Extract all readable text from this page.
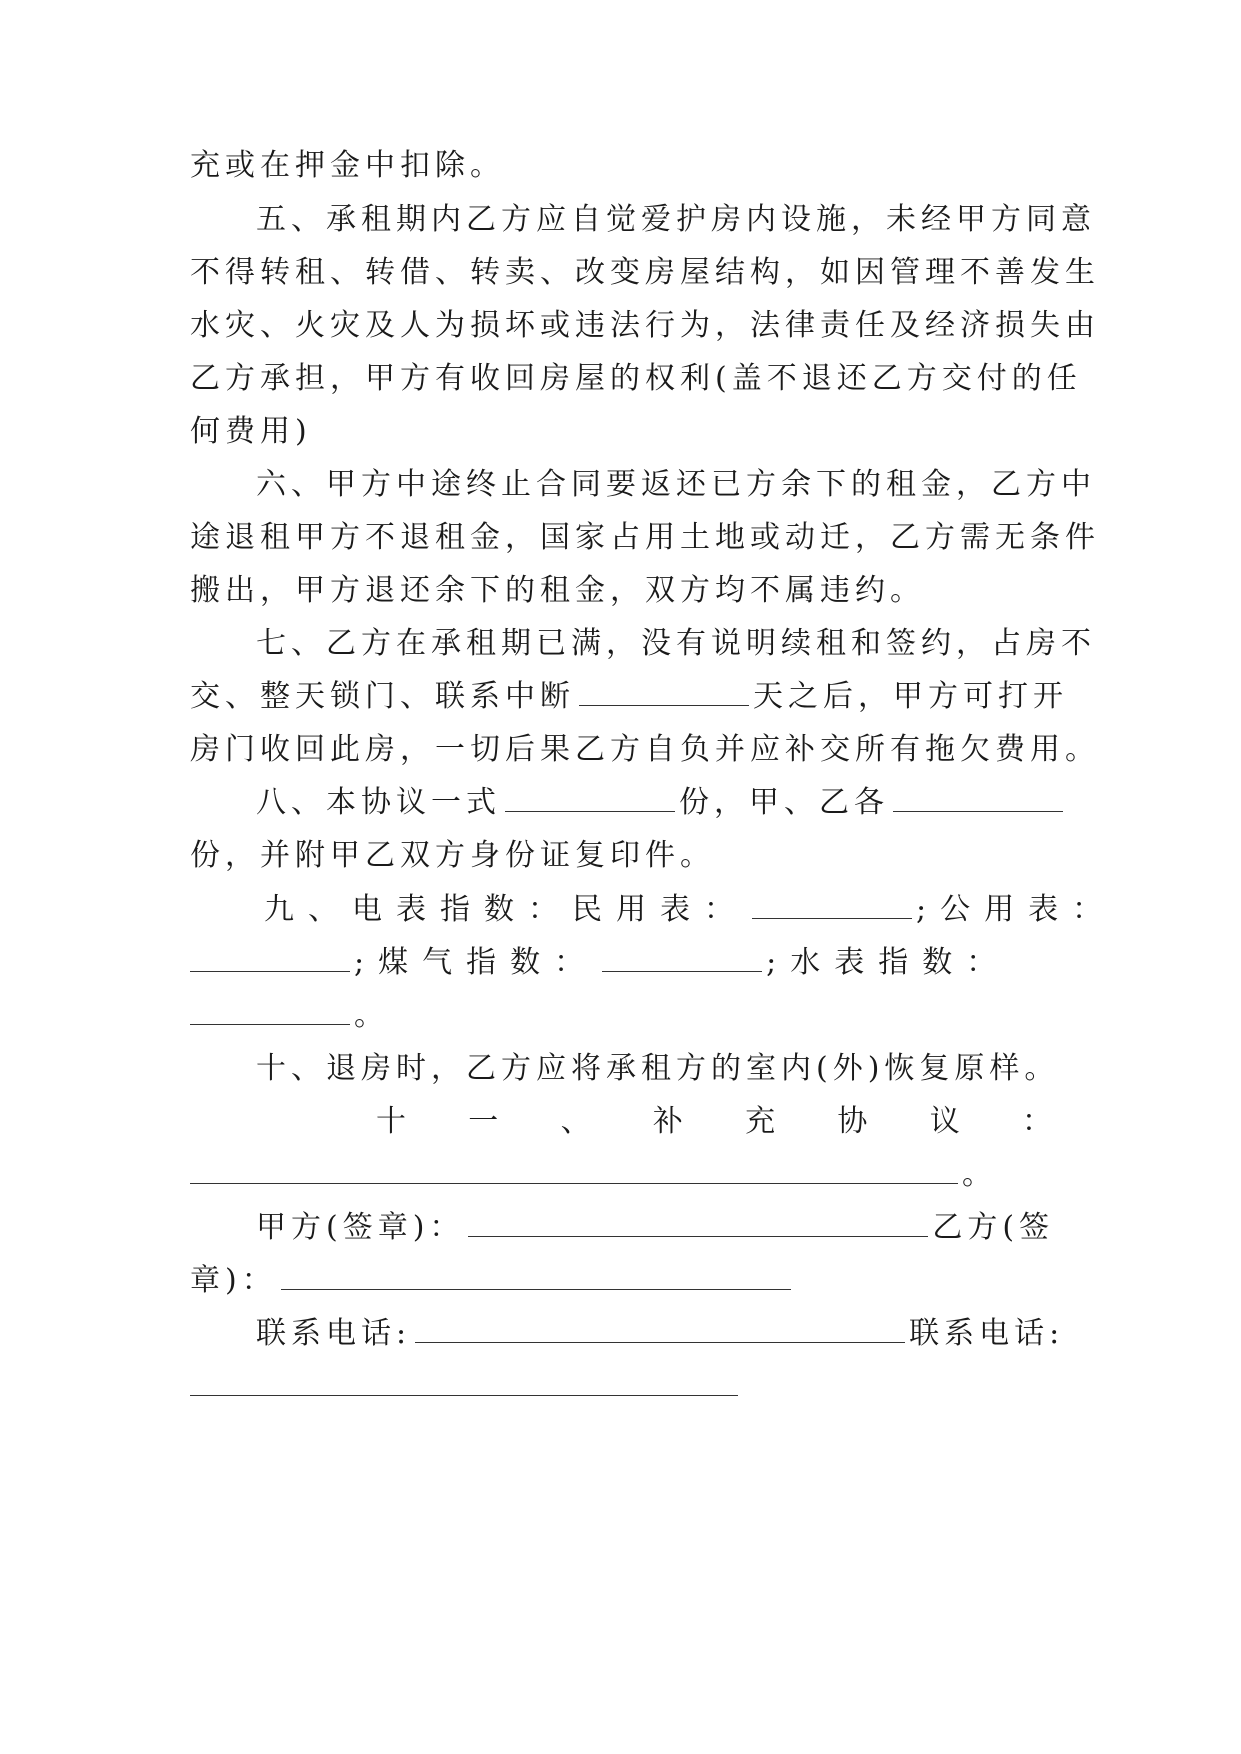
充或在押金中扣除。
五、承租期内乙方应自觉爱护房内设施，未经甲方同意
不得转租、转借、转卖、改变房屋结构，如因管理不善发生
水灾、火灾及人为损坏或违法行为，法律责任及经济损失由
乙方承担，甲方有收回房屋的权利(盖不退还乙方交付的任
何费用)
六、甲方中途终止合同要返还已方余下的租金，乙方中
途退租甲方不退租金，国家占用土地或动迁，乙方需无条件
搬出，甲方退还余下的租金，双方均不属违约。
七、乙方在承租期已满，没有说明续租和签约，占房不
交、整天锁门、联系中断	天之后，甲方可打开
房门收回此房，一切后果乙方自负并应补交所有拖欠费用。
八、本协议一式	份，甲、乙各
份，并附甲乙双方身份证复印件。
九、电表指数：民用表：	;公用表：
;煤气指数：	;水表指数：
。
十、退房时，乙方应将承租方的室内(外)恢复原样。
十 一 、 补 充 协 议 ：
。
甲方(签章)：	乙方(签
章)：
联系电话:	联系电话:
